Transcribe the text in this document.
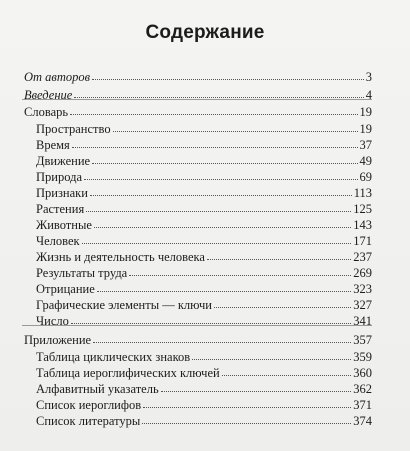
Содержание
От авторов	3
Введение	4
Словарь	19
Пространство	19
Время	37
Движение	49
Природа	69
Признаки	113
Растения	125
Животные	143
Человек	171
Жизнь и деятельность человека	237
Результаты труда	269
Отрицание	323
Графические элементы — ключи	327
Число	341
Приложение	357
Таблица циклических знаков	359
Таблица иероглифических ключей	360
Алфавитный указатель	362
Список иероглифов	371
Список литературы	374
